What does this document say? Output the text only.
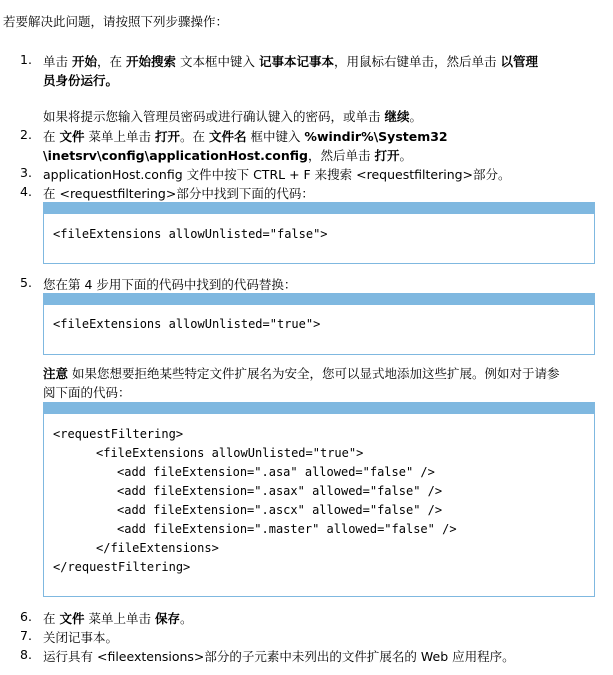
若要解决此问题，请按照下列步骤操作：
1. 单击 开始，在 开始搜索 文本框中键入 记事本记事本，用鼠标右键单击，然后单击 以管理
员身份运行。
如果将提示您输入管理员密码或进行确认键入的密码，或单击 继续。
2. 在 文件 菜单上单击 打开。在 文件名 框中键入 %windir%\System32
\inetsrv\config\applicationHost.config，然后单击 打开。
3. applicationHost.config 文件中按下 CTRL + F 来搜索 <requestfiltering>部分。
4. 在 <requestfiltering>部分中找到下面的代码：
<fileExtensions allowUnlisted="false">
5. 您在第 4 步用下面的代码中找到的代码替换：
<fileExtensions allowUnlisted="true">
注意 如果您想要拒绝某些特定文件扩展名为安全，您可以显式地添加这些扩展。例如对于请参
阅下面的代码：
<requestFiltering>
<fileExtensions allowUnlisted="true">
<add fileExtension=".asa" allowed="false" />
<add fileExtension=".asax" allowed="false" />
<add fileExtension=".ascx" allowed="false" />
<add fileExtension=".master" allowed="false" />
</fileExtensions>
</requestFiltering>
6. 在 文件 菜单上单击 保存。
7. 关闭记事本。
8. 运行具有 <fileextensions>部分的子元素中未列出的文件扩展名的 Web 应用程序。
